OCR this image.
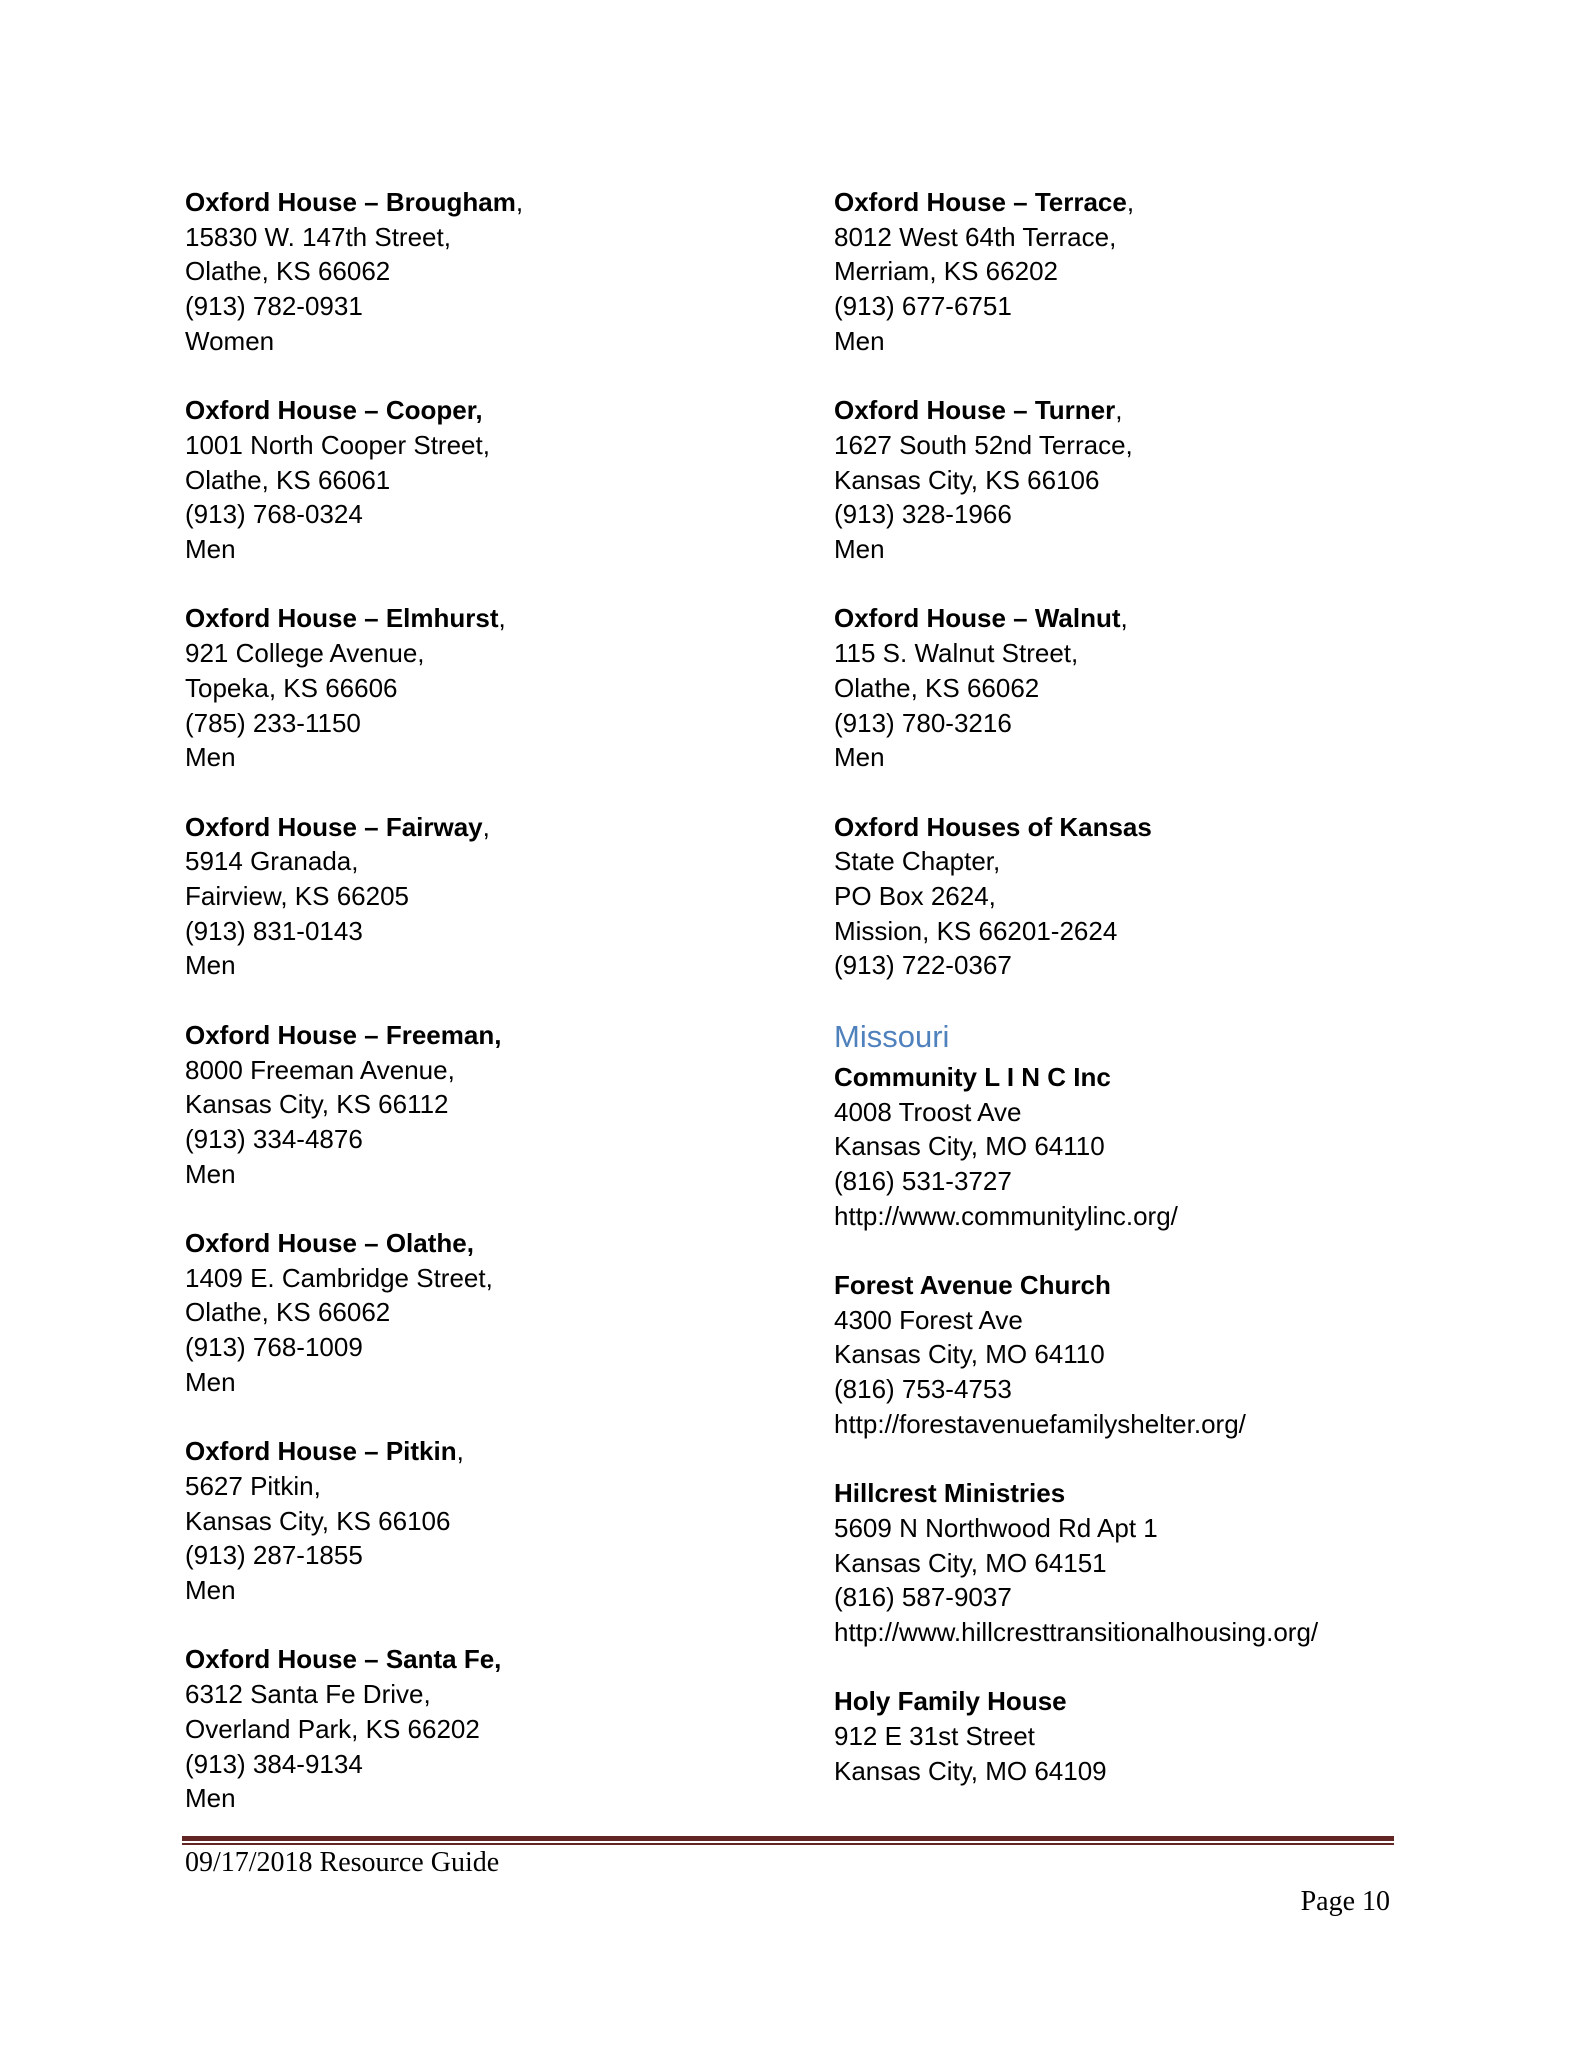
Oxford House – Brougham,
15830 W. 147th Street,
Olathe, KS 66062
(913) 782-0931
Women
Oxford House – Cooper,
1001 North Cooper Street,
Olathe, KS 66061
(913) 768-0324
Men
Oxford House – Elmhurst,
921 College Avenue,
Topeka, KS 66606
(785) 233-1150
Men
Oxford House – Fairway,
5914 Granada,
Fairview, KS 66205
(913) 831-0143
Men
Oxford House – Freeman,
8000 Freeman Avenue,
Kansas City, KS 66112
(913) 334-4876
Men
Oxford House – Olathe,
1409 E. Cambridge Street,
Olathe, KS 66062
(913) 768-1009
Men
Oxford House – Pitkin,
5627 Pitkin,
Kansas City, KS 66106
(913) 287-1855
Men
Oxford House – Santa Fe,
6312 Santa Fe Drive,
Overland Park, KS 66202
(913) 384-9134
Men
Oxford House – Terrace,
8012 West 64th Terrace,
Merriam, KS 66202
(913) 677-6751
Men
Oxford House – Turner,
1627 South 52nd Terrace,
Kansas City, KS 66106
(913) 328-1966
Men
Oxford House – Walnut,
115 S. Walnut Street,
Olathe, KS 66062
(913) 780-3216
Men
Oxford Houses of Kansas
State Chapter,
PO Box 2624,
Mission, KS 66201-2624
(913) 722-0367
Missouri
Community L I N C Inc
4008 Troost Ave
Kansas City, MO 64110
(816) 531-3727
http://www.communitylinc.org/
Forest Avenue Church
4300 Forest Ave
Kansas City, MO 64110
(816) 753-4753
http://forestavenuefamilyshelter.org/
Hillcrest Ministries
5609 N Northwood Rd Apt 1
Kansas City, MO 64151
(816) 587-9037
http://www.hillcresttransitionalhousing.org/
Holy Family House
912 E 31st Street
Kansas City, MO 64109
09/17/2018 Resource Guide
Page 10
